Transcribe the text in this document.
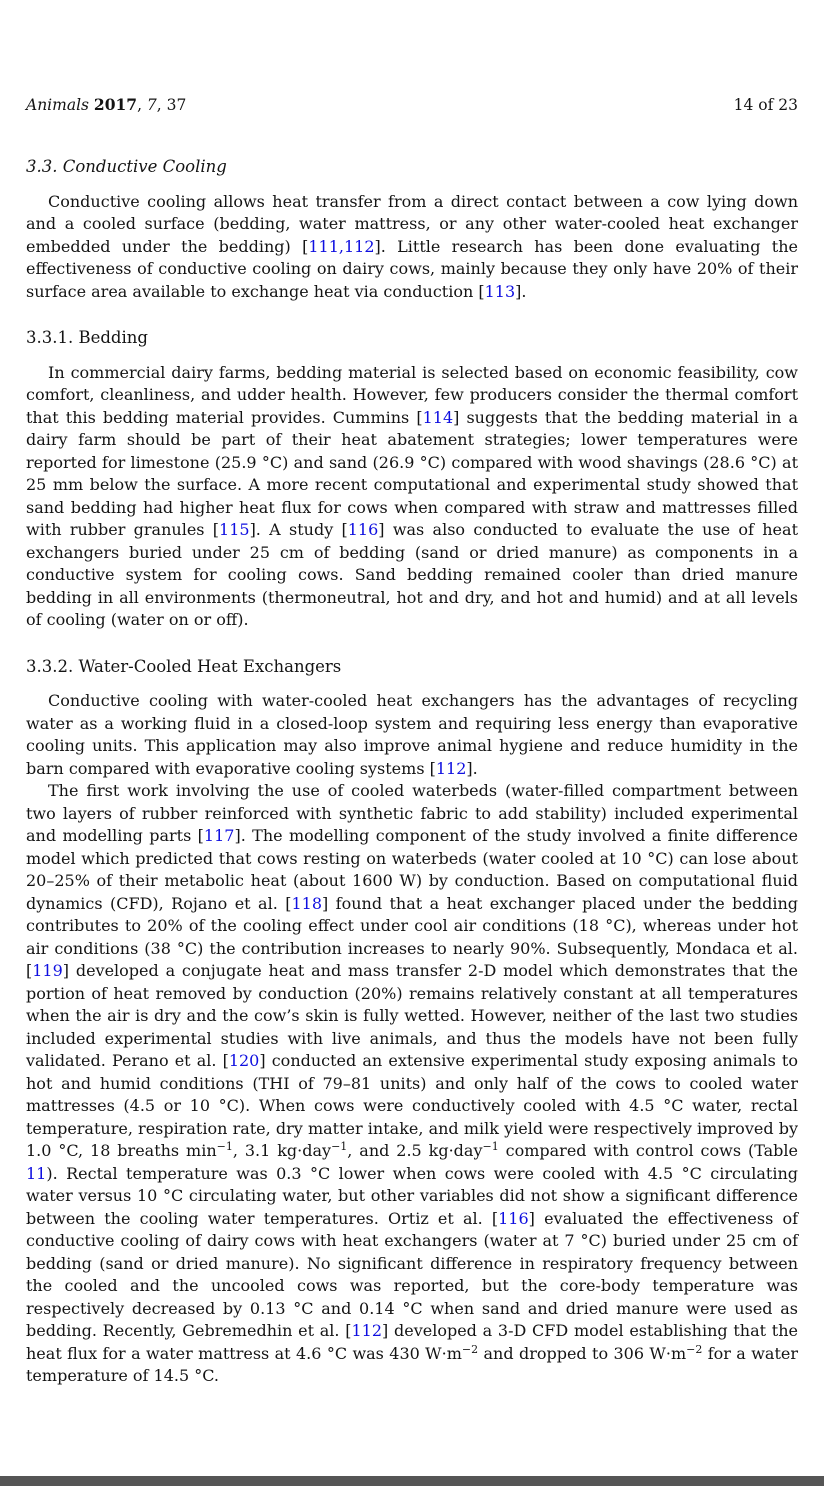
Animals 2017, 7, 37	14 of 23
3.3. Conductive Cooling

Conductive cooling allows heat transfer from a direct contact between a cow lying down and a cooled surface (bedding, water mattress, or any other water-cooled heat exchanger embedded under the bedding) [111,112]. Little research has been done evaluating the effectiveness of conductive cooling on dairy cows, mainly because they only have 20% of their surface area available to exchange heat via conduction [113].

3.3.1. Bedding

In commercial dairy farms, bedding material is selected based on economic feasibility, cow comfort, cleanliness, and udder health. However, few producers consider the thermal comfort that this bedding material provides. Cummins [114] suggests that the bedding material in a dairy farm should be part of their heat abatement strategies; lower temperatures were reported for limestone (25.9 °C) and sand (26.9 °C) compared with wood shavings (28.6 °C) at 25 mm below the surface. A more recent computational and experimental study showed that sand bedding had higher heat flux for cows when compared with straw and mattresses filled with rubber granules [115]. A study [116] was also conducted to evaluate the use of heat exchangers buried under 25 cm of bedding (sand or dried manure) as components in a conductive system for cooling cows. Sand bedding remained cooler than dried manure bedding in all environments (thermoneutral, hot and dry, and hot and humid) and at all levels of cooling (water on or off).

3.3.2. Water-Cooled Heat Exchangers

Conductive cooling with water-cooled heat exchangers has the advantages of recycling water as a working fluid in a closed-loop system and requiring less energy than evaporative cooling units. This application may also improve animal hygiene and reduce humidity in the barn compared with evaporative cooling systems [112].

The first work involving the use of cooled waterbeds (water-filled compartment between two layers of rubber reinforced with synthetic fabric to add stability) included experimental and modelling parts [117]. The modelling component of the study involved a finite difference model which predicted that cows resting on waterbeds (water cooled at 10 °C) can lose about 20–25% of their metabolic heat (about 1600 W) by conduction. Based on computational fluid dynamics (CFD), Rojano et al. [118] found that a heat exchanger placed under the bedding contributes to 20% of the cooling effect under cool air conditions (18 °C), whereas under hot air conditions (38 °C) the contribution increases to nearly 90%. Subsequently, Mondaca et al. [119] developed a conjugate heat and mass transfer 2-D model which demonstrates that the portion of heat removed by conduction (20%) remains relatively constant at all temperatures when the air is dry and the cow’s skin is fully wetted. However, neither of the last two studies included experimental studies with live animals, and thus the models have not been fully validated. Perano et al. [120] conducted an extensive experimental study exposing animals to hot and humid conditions (THI of 79–81 units) and only half of the cows to cooled water mattresses (4.5 or 10 °C). When cows were conductively cooled with 4.5 °C water, rectal temperature, respiration rate, dry matter intake, and milk yield were respectively improved by 1.0 °C, 18 breaths $\min^{-1}$, 3.1 kg·day$^{-1}$, and 2.5 kg·day$^{-1}$ compared with control cows (Table 11). Rectal temperature was 0.3 °C lower when cows were cooled with 4.5 °C circulating water versus 10 °C circulating water, but other variables did not show a significant difference between the cooling water temperatures. Ortiz et al. [116] evaluated the effectiveness of conductive cooling of dairy cows with heat exchangers (water at 7 °C) buried under 25 cm of bedding (sand or dried manure). No significant difference in respiratory frequency between the cooled and the uncooled cows was reported, but the core-body temperature was respectively decreased by 0.13 °C and 0.14 °C when sand and dried manure were used as bedding. Recently, Gebremedhin et al. [112] developed a 3-D CFD model establishing that the heat flux for a water mattress at 4.6 °C was 430 $W\cdot m^{-2}$ and dropped to 306 $W\cdot m^{-2}$ for a water temperature of 14.5 °C.
